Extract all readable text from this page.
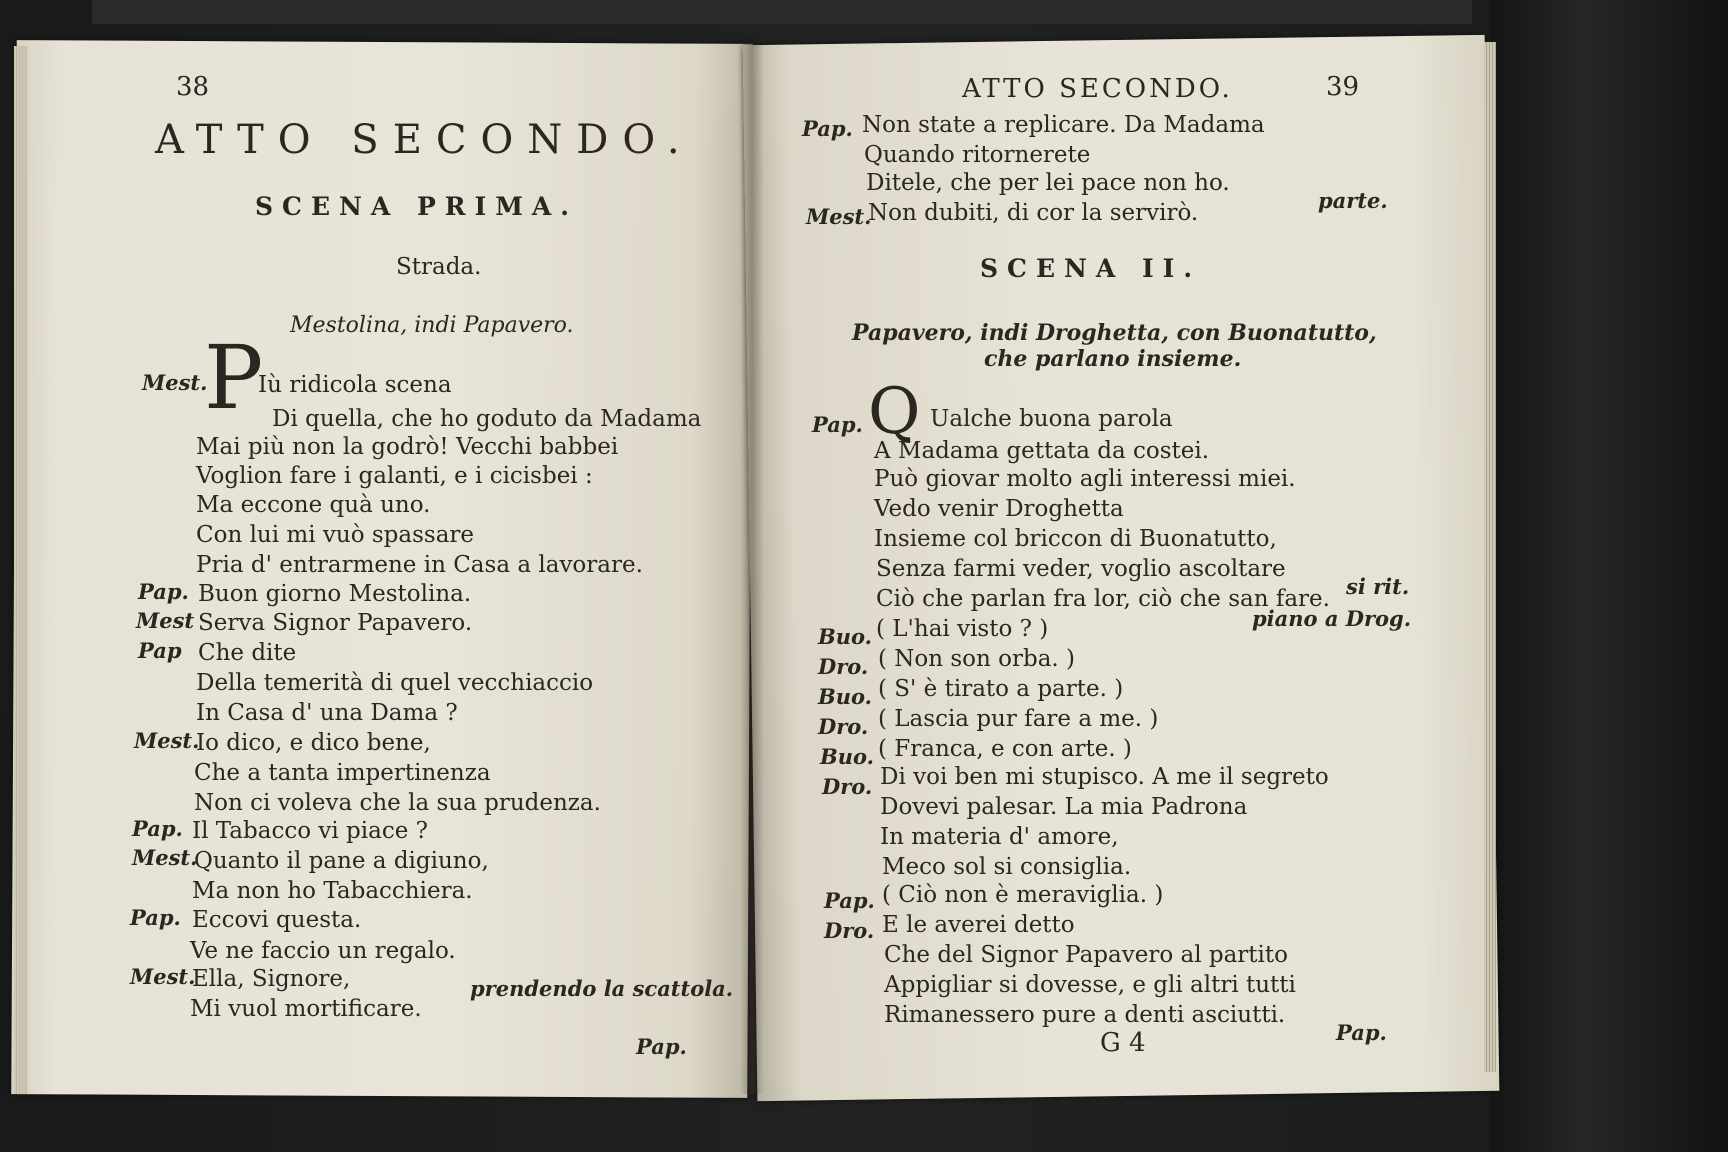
38
ATTO SECONDO.
SCENA PRIMA.
Strada.
Mestolina, indi Papavero.
P
Mest. Iù ridicola scena
Di quella, che ho goduto da Madama
Mai più non la godrò! Vecchi babbei
Voglion fare i galanti, e i cicisbei :
Ma eccone quà uno.
Con lui mi vuò spassare
Pria d' entrarmene in Casa a lavorare.
Pap. Buon giorno Mestolina.
Mest Serva Signor Papavero.
Pap Che dite
Della temerità di quel vecchiaccio
In Casa d' una Dama ?
Mest.
Io dico, e dico bene,
Che a tanta impertinenza
Non ci voleva che la sua prudenza.
Pap. Il Tabacco vi piace ?
Mest.
Quanto il pane a digiuno,
Ma non ho Tabacchiera.
Pap. Eccovi questa.
Ve ne faccio un regalo.
Mest.
Ella, Signore,	prendendo la scattola.
Mi vuol mortificare.
Pap.
ATTO SECONDO.	39
Pap. Non state a replicare. Da Madama
Quando ritornerete
Ditele, che per lei pace non ho.
Mest.
Non dubiti, di cor la servirò.	parte.
SCENA II.
Papavero, indi Droghetta, con Buonatutto,
che parlano insieme.
Q
Pap.	Ualche buona parola
A Madama gettata da costei.
Può giovar molto agli interessi miei.
Vedo venir Droghetta
Insieme col briccon di Buonatutto,
Senza farmi veder, voglio ascoltare
Ciò che parlan fra lor, ciò che san fare. si rit.
Buo. ( L'hai visto ? )	piano a Drog.
Dro. ( Non son orba. )
Buo. ( S' è tirato a parte. )
Dro. ( Lascia pur fare a me. )
Buo. ( Franca, e con arte. )
Dro. Di voi ben mi stupisco. A me il segreto
Dovevi palesar. La mia Padrona
In materia d' amore,
Meco sol si consiglia.
Pap. ( Ciò non è meraviglia. )
Dro. E le averei detto
Che del Signor Papavero al partito
Appigliar si dovesse, e gli altri tutti
Rimanessero pure a denti asciutti.
G 4	Pap.
